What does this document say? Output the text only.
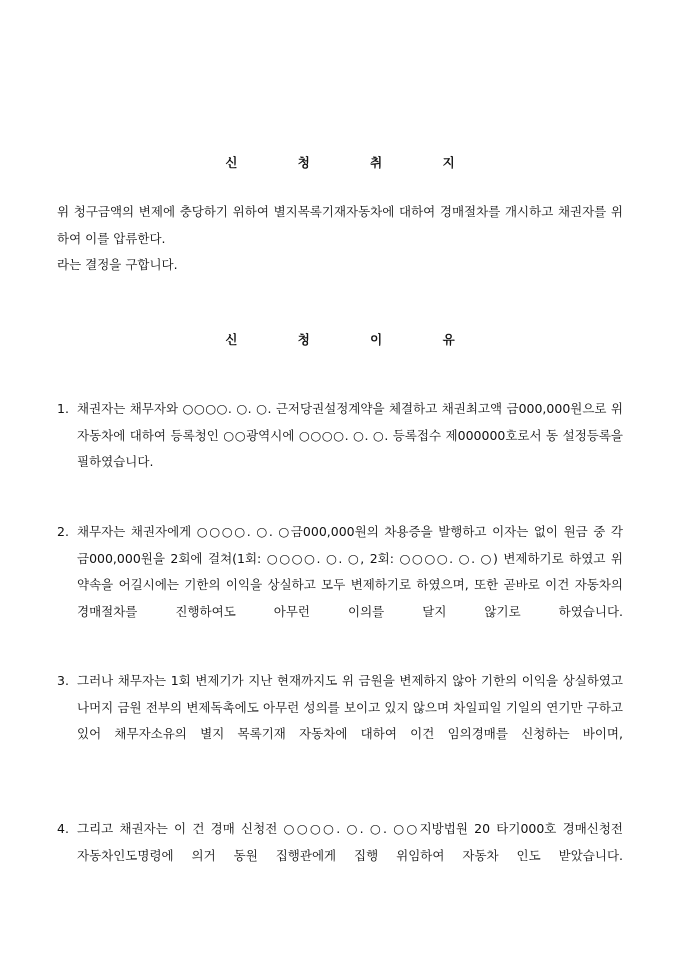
신 청 취 지
위 청구금액의 변제에 충당하기 위하여 별지목록기재자동차에 대하여 경매절차를 개시하고 채권자를 위하여 이를 압류한다.
라는 결정을 구합니다.
신 청 이 유
1. 채권자는 채무자와 ○○○○. ○. ○. 근저당권설정계약을 체결하고 채권최고액 금000,000원으로 위 자동차에 대하여 등록청인 ○○광역시에 ○○○○. ○. ○. 등록접수 제000000호로서 동 설정등록을 필하였습니다.
2. 채무자는 채권자에게 ○○○○. ○. ○금000,000원의 차용증을 발행하고 이자는 없이 원금 중 각 금000,000원을 2회에 걸쳐(1회: ○○○○. ○. ○, 2회: ○○○○. ○. ○) 변제하기로 하였고 위 약속을 어길시에는 기한의 이익을 상실하고 모두 변제하기로 하였으며, 또한 곧바로 이건 자동차의 경매절차를 진행하여도 아무런 이의를 달지 않기로 하였습니다.
3. 그러나 채무자는 1회 변제기가 지난 현재까지도 위 금원을 변제하지 않아 기한의 이익을 상실하였고 나머지 금원 전부의 변제독촉에도 아무런 성의를 보이고 있지 않으며 차일피일 기일의 연기만 구하고 있어 채무자소유의 별지 목록기재 자동차에 대하여 이건 임의경매를 신청하는 바이며,
4. 그리고 채권자는 이 건 경매 신청전 ○○○○. ○. ○. ○○지방법원 20 타기000호 경매신청전 자동차인도명령에 의거 동원 집행관에게 집행 위임하여 자동차 인도 받았습니다.
